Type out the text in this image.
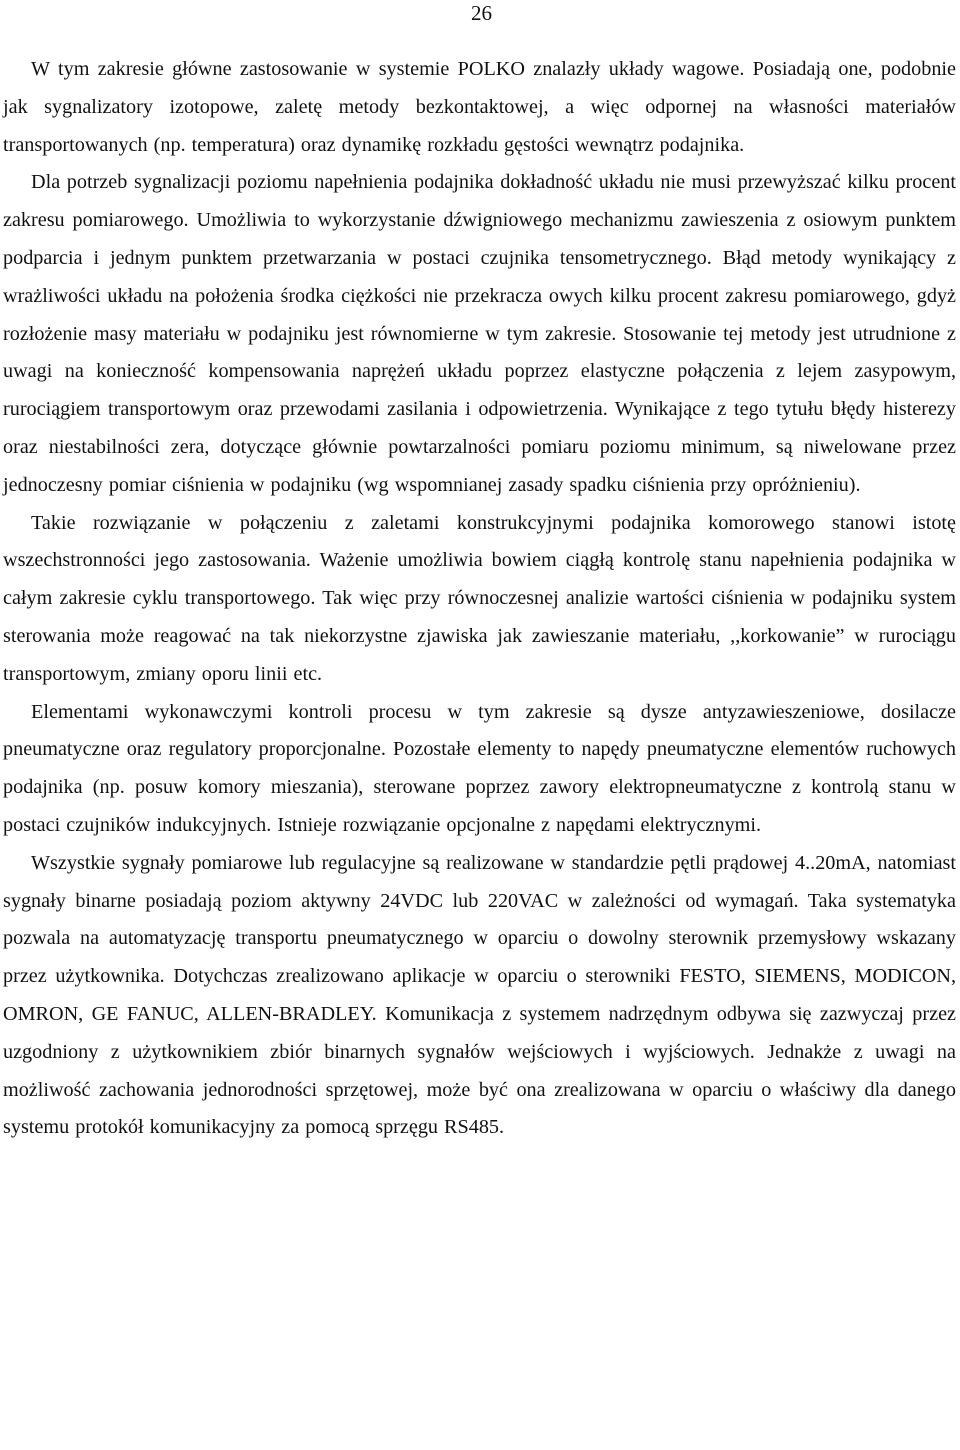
26

W tym zakresie główne zastosowanie w systemie POLKO znalazły układy wagowe. Posiadają one, podobnie jak sygnalizatory izotopowe, zaletę metody bezkontaktowej, a więc odpornej na własności materiałów transportowanych (np. temperatura) oraz dynamikę rozkładu gęstości wewnątrz podajnika.

Dla potrzeb sygnalizacji poziomu napełnienia podajnika dokładność układu nie musi przewyższać kilku procent zakresu pomiarowego. Umożliwia to wykorzystanie dźwigniowego mechanizmu zawieszenia z osiowym punktem podparcia i jednym punktem przetwarzania w postaci czujnika tensometrycznego. Błąd metody wynikający z wrażliwości układu na położenia środka ciężkości nie przekracza owych kilku procent zakresu pomiarowego, gdyż rozłożenie masy materiału w podajniku jest równomierne w tym zakresie. Stosowanie tej metody jest utrudnione z uwagi na konieczność kompensowania naprężeń układu poprzez elastyczne połączenia z lejem zasypowym, rurociągiem transportowym oraz przewodami zasilania i odpowietrzenia. Wynikające z tego tytułu błędy histerezy oraz niestabilności zera, dotyczące głównie powtarzalności pomiaru poziomu minimum, są niwelowane przez jednoczesny pomiar ciśnienia w podajniku (wg wspomnianej zasady spadku ciśnienia przy opróżnieniu).

Takie rozwiązanie w połączeniu z zaletami konstrukcyjnymi podajnika komorowego stanowi istotę wszechstronności jego zastosowania. Ważenie umożliwia bowiem ciągłą kontrolę stanu napełnienia podajnika w całym zakresie cyklu transportowego. Tak więc przy równoczesnej analizie wartości ciśnienia w podajniku system sterowania może reagować na tak niekorzystne zjawiska jak zawieszanie materiału, ,,korkowanie” w rurociągu transportowym, zmiany oporu linii etc.

Elementami wykonawczymi kontroli procesu w tym zakresie są dysze antyzawieszeniowe, dosilacze pneumatyczne oraz regulatory proporcjonalne. Pozostałe elementy to napędy pneumatyczne elementów ruchowych podajnika (np. posuw komory mieszania), sterowane poprzez zawory elektropneumatyczne z kontrolą stanu w postaci czujników indukcyjnych. Istnieje rozwiązanie opcjonalne z napędami elektrycznymi.

Wszystkie sygnały pomiarowe lub regulacyjne są realizowane w standardzie pętli prądowej 4..20mA, natomiast sygnały binarne posiadają poziom aktywny 24VDC lub 220VAC w zależności od wymagań. Taka systematyka pozwala na automatyzację transportu pneumatycznego w oparciu o dowolny sterownik przemysłowy wskazany przez użytkownika. Dotychczas zrealizowano aplikacje w oparciu o sterowniki FESTO, SIEMENS, MODICON, OMRON, GE FANUC, ALLEN-BRADLEY. Komunikacja z systemem nadrzędnym odbywa się zazwyczaj przez uzgodniony z użytkownikiem zbiór binarnych sygnałów wejściowych i wyjściowych. Jednakże z uwagi na możliwość zachowania jednorodności sprzętowej, może być ona zrealizowana w oparciu o właściwy dla danego systemu protokół komunikacyjny za pomocą sprzęgu RS485.
